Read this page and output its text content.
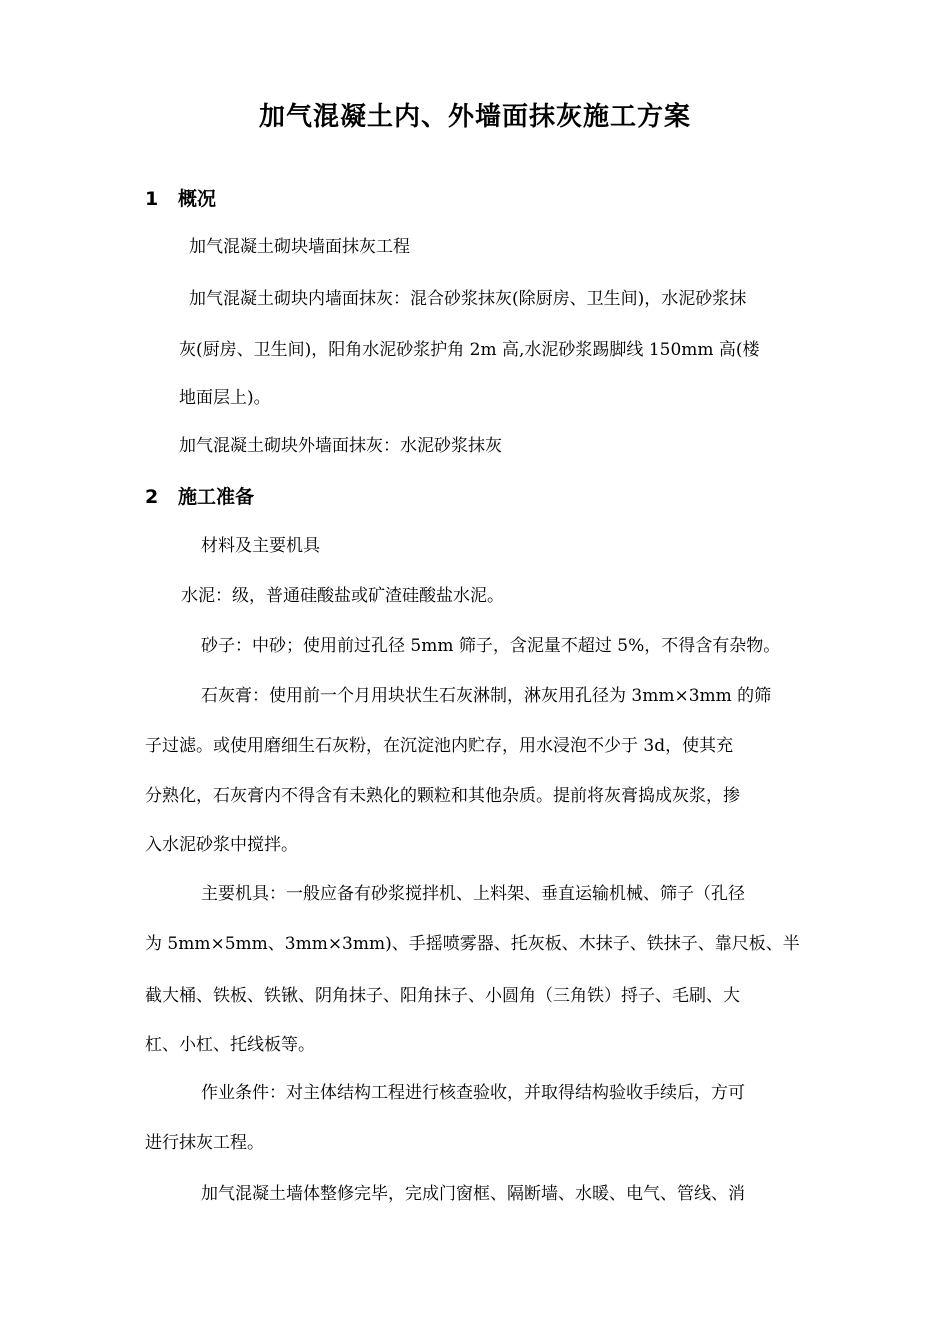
加气混凝土内、外墙面抹灰施工方案
1 概况
加气混凝土砌块墙面抹灰工程
加气混凝土砌块内墙面抹灰：混合砂浆抹灰(除厨房、卫生间)，水泥砂浆抹
灰(厨房、卫生间)，阳角水泥砂浆护角 2m 高,水泥砂浆踢脚线 150mm 高(楼
地面层上)。
加气混凝土砌块外墙面抹灰：水泥砂浆抹灰
2 施工准备
材料及主要机具
水泥：级，普通硅酸盐或矿渣硅酸盐水泥。
砂子：中砂；使用前过孔径 5mm 筛子，含泥量不超过 5%，不得含有杂物。
石灰膏：使用前一个月用块状生石灰淋制，淋灰用孔径为 3mm×3mm 的筛
子过滤。或使用磨细生石灰粉，在沉淀池内贮存，用水浸泡不少于 3d，使其充
分熟化，石灰膏内不得含有未熟化的颗粒和其他杂质。提前将灰膏捣成灰浆，掺
入水泥砂浆中搅拌。
主要机具：一般应备有砂浆搅拌机、上料架、垂直运输机械、筛子（孔径
为 5mm×5mm、3mm×3mm)、手摇喷雾器、托灰板、木抹子、铁抹子、靠尺板、半
截大桶、铁板、铁锹、阴角抹子、阳角抹子、小圆角（三角铁）捋子、毛刷、大
杠、小杠、托线板等。
作业条件：对主体结构工程进行核查验收，并取得结构验收手续后，方可
进行抹灰工程。
加气混凝土墙体整修完毕，完成门窗框、隔断墙、水暖、电气、管线、消
